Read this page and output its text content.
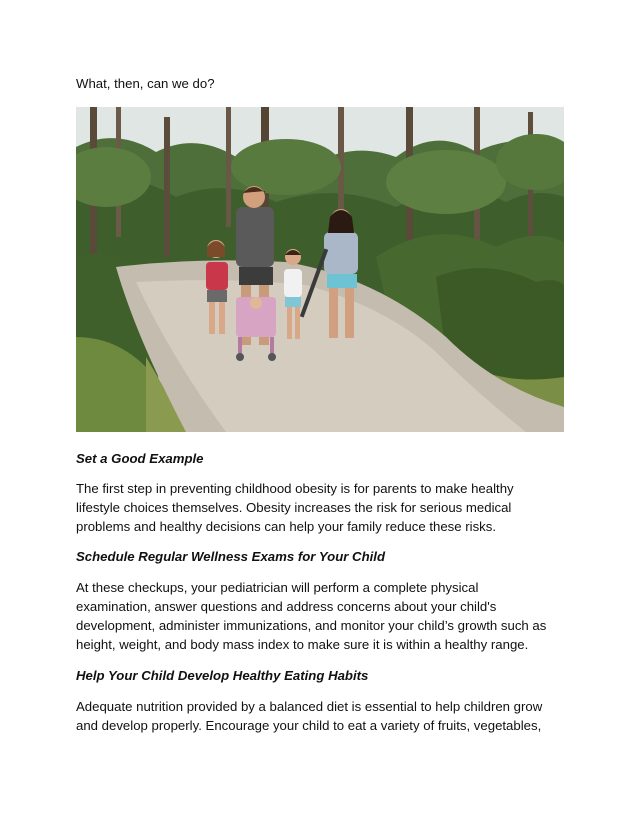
What, then, can we do?

Set a Good Example

The first step in preventing childhood obesity is for parents to make healthy

lifestyle choices themselves. Obesity increases the risk for serious medical

problems and healthy decisions can help your family reduce these risks.

Schedule Regular Wellness Exams for Your Child

At these checkups, your pediatrician will perform a complete physical

examination, answer questions and address concerns about your child's

development, administer immunizations, and monitor your child’s growth such as

height, weight, and body mass index to make sure it is within a healthy range.

Help Your Child Develop Healthy Eating Habits

Adequate nutrition provided by a balanced diet is essential to help children grow

and develop properly. Encourage your child to eat a variety of fruits, vegetables,
